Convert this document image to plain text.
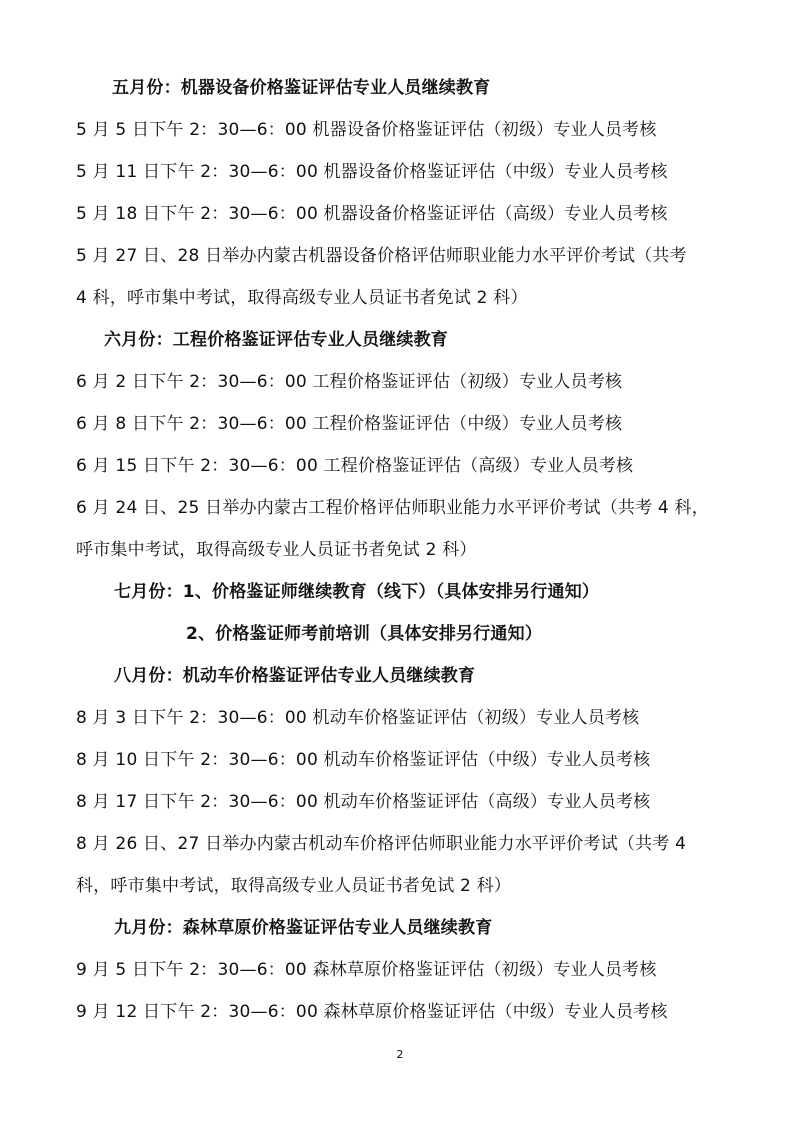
五月份：机器设备价格鉴证评估专业人员继续教育
5 月 5 日下午 2：30—6：00 机器设备价格鉴证评估（初级）专业人员考核
5 月 11 日下午 2：30—6：00 机器设备价格鉴证评估（中级）专业人员考核
5 月 18 日下午 2：30—6：00 机器设备价格鉴证评估（高级）专业人员考核
5 月 27 日、28 日举办内蒙古机器设备价格评估师职业能力水平评价考试（共考
4 科，呼市集中考试，取得高级专业人员证书者免试 2 科）
六月份：工程价格鉴证评估专业人员继续教育
6 月 2 日下午 2：30—6：00 工程价格鉴证评估（初级）专业人员考核
6 月 8 日下午 2：30—6：00 工程价格鉴证评估（中级）专业人员考核
6 月 15 日下午 2：30—6：00 工程价格鉴证评估（高级）专业人员考核
6 月 24 日、25 日举办内蒙古工程价格评估师职业能力水平评价考试（共考 4 科，
呼市集中考试，取得高级专业人员证书者免试 2 科）
七月份：1、价格鉴证师继续教育（线下）（具体安排另行通知）
2、价格鉴证师考前培训（具体安排另行通知）
八月份：机动车价格鉴证评估专业人员继续教育
8 月 3 日下午 2：30—6：00 机动车价格鉴证评估（初级）专业人员考核
8 月 10 日下午 2：30—6：00 机动车价格鉴证评估（中级）专业人员考核
8 月 17 日下午 2：30—6：00 机动车价格鉴证评估（高级）专业人员考核
8 月 26 日、27 日举办内蒙古机动车价格评估师职业能力水平评价考试（共考 4
科，呼市集中考试，取得高级专业人员证书者免试 2 科）
九月份：森林草原价格鉴证评估专业人员继续教育
9 月 5 日下午 2：30—6：00 森林草原价格鉴证评估（初级）专业人员考核
9 月 12 日下午 2：30—6：00 森林草原价格鉴证评估（中级）专业人员考核
2
